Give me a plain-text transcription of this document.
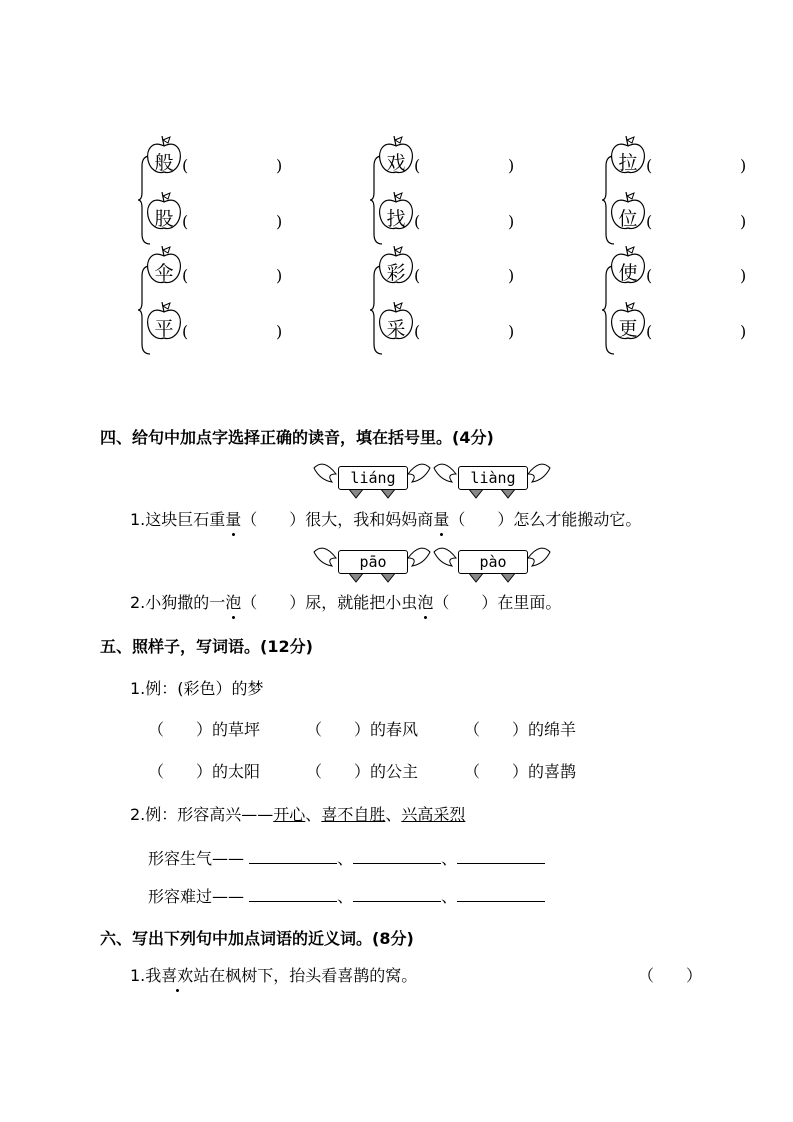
般 (	)
股 (	)
戏 (	)
找 (	)
拉 (	)
位 (	)
伞 (	)
平 (	)
彩 (	)
采 (	)
使 (	)
更 (	)
四、给句中加点字选择正确的读音，填在括号里。(4分)
liáng	liàng
1.这块巨石重量（　　）很大，我和妈妈商量（　　）怎么才能搬动它。
pāo	pào
2.小狗撒的一泡（　　）尿，就能把小虫泡（　　）在里面。
五、照样子，写词语。(12分)
1.例：(彩色）的梦
（　　）的草坪	（　　）的春风	（　　）的绵羊
（　　）的太阳	（　　）的公主	（　　）的喜鹊
2.例：形容高兴——开心、喜不自胜、兴高采烈
形容生气——	、	、
形容难过——	、	、
六、写出下列句中加点词语的近义词。(8分)
1.我喜欢站在枫树下，抬头看喜鹊的窝。	（　　）
